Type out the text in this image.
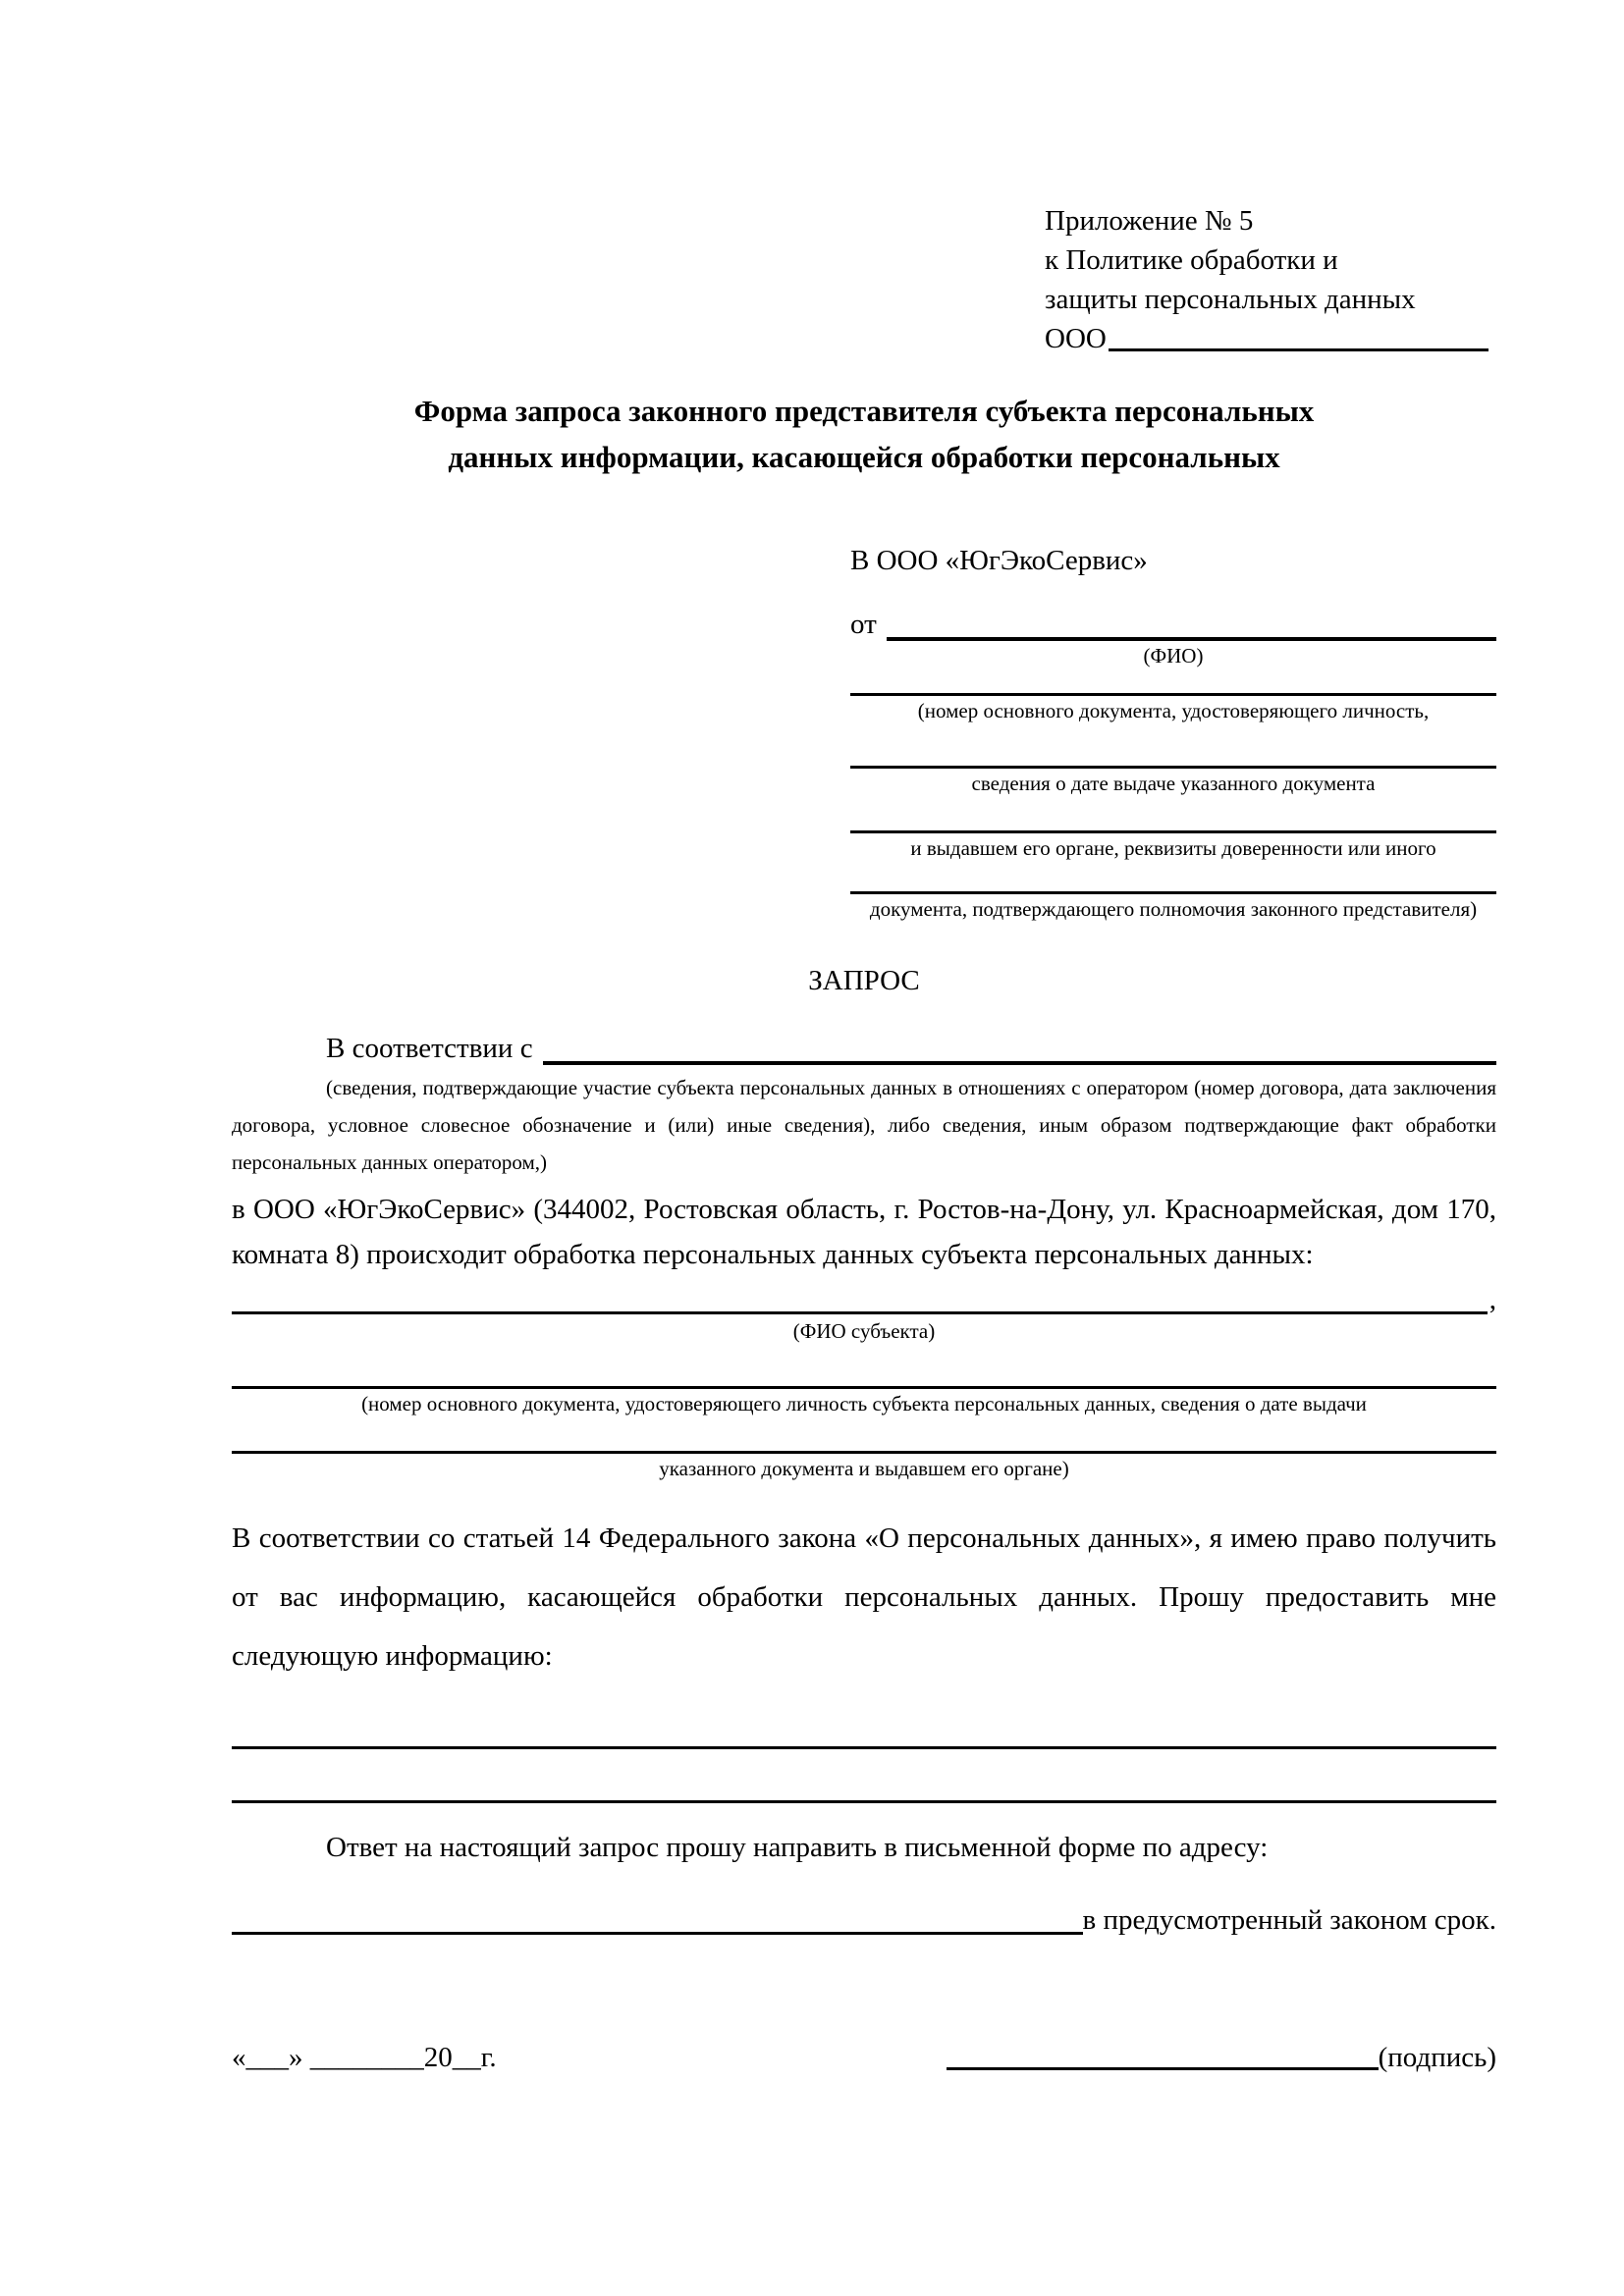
Приложение № 5
к Политике обработки и
защиты персональных данных
ООО
Форма запроса законного представителя субъекта персональных
данных информации, касающейся обработки персональных
В ООО «ЮгЭкоСервис»
от
(ФИО)
(номер основного документа, удостоверяющего личность,
сведения о дате выдаче указанного документа
и выдавшем его органе, реквизиты доверенности или иного
документа, подтверждающего полномочия законного представителя)
ЗАПРОС
В соответствии с
(сведения, подтверждающие участие субъекта персональных данных в отношениях с оператором (номер договора, дата заключения договора, условное словесное обозначение и (или) иные сведения), либо сведения, иным образом подтверждающие факт обработки персональных данных оператором,)
в ООО «ЮгЭкоСервис» (344002, Ростовская область, г. Ростов-на-Дону, ул. Красноармейская, дом 170, комната 8) происходит обработка персональных данных субъекта персональных данных:
,
(ФИО субъекта)
(номер основного документа, удостоверяющего личность субъекта персональных данных, сведения о дате выдачи
указанного документа и выдавшем его органе)
В соответствии со статьей 14 Федерального закона «О персональных данных», я имею право получить от вас информацию, касающейся обработки персональных данных. Прошу предоставить мне следующую информацию:
Ответ на настоящий запрос прошу направить в письменной форме по адресу:
в предусмотренный законом срок.
«___» ________20__г.	(подпись)
